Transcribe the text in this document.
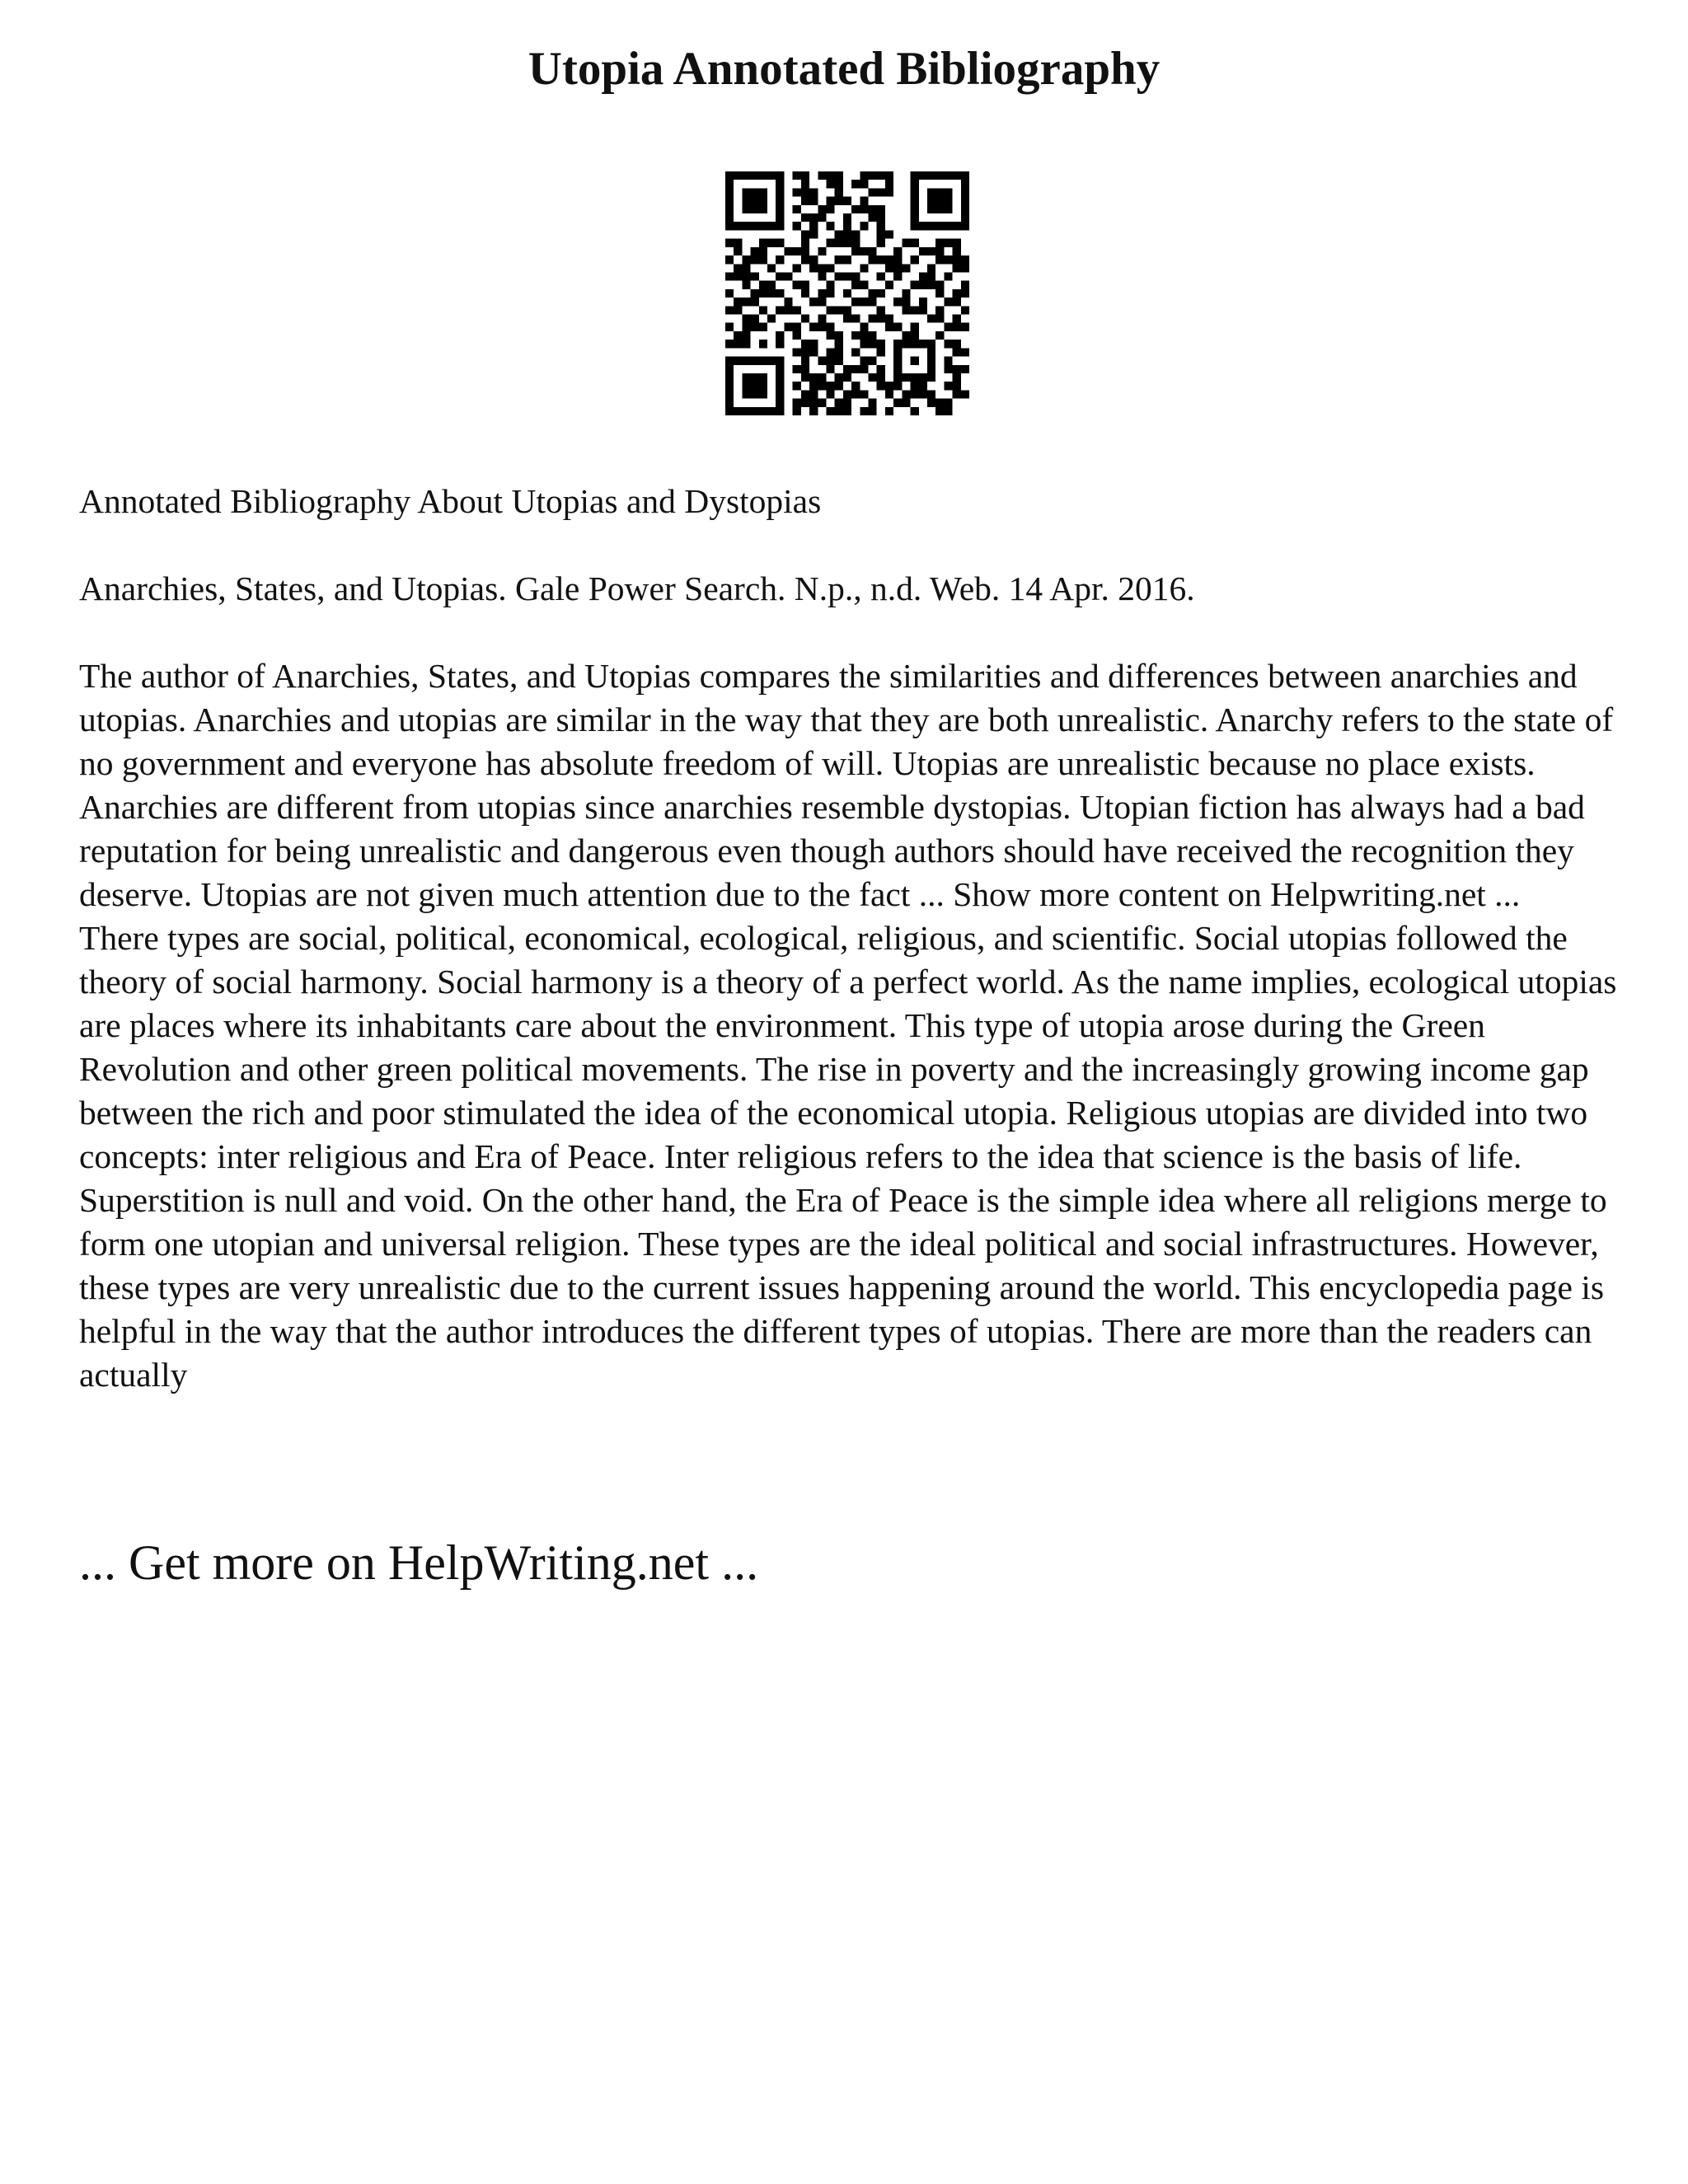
Utopia Annotated Bibliography

Annotated Bibliography About Utopias and Dystopias

Anarchies, States, and Utopias. Gale Power Search. N.p., n.d. Web. 14 Apr. 2016.

The author of Anarchies, States, and Utopias compares the similarities and differences between anarchies and utopias. Anarchies and utopias are similar in the way that they are both unrealistic. Anarchy refers to the state of no government and everyone has absolute freedom of will. Utopias are unrealistic because no place exists. Anarchies are different from utopias since anarchies resemble dystopias. Utopian fiction has always had a bad reputation for being unrealistic and dangerous even though authors should have received the recognition they deserve. Utopias are not given much attention due to the fact ... Show more content on Helpwriting.net ...

There types are social, political, economical, ecological, religious, and scientific. Social utopias followed the theory of social harmony. Social harmony is a theory of a perfect world. As the name implies, ecological utopias are places where its inhabitants care about the environment. This type of utopia arose during the Green Revolution and other green political movements. The rise in poverty and the increasingly growing income gap between the rich and poor stimulated the idea of the economical utopia. Religious utopias are divided into two concepts: inter religious and Era of Peace. Inter religious refers to the idea that science is the basis of life. Superstition is null and void. On the other hand, the Era of Peace is the simple idea where all religions merge to form one utopian and universal religion. These types are the ideal political and social infrastructures. However, these types are very unrealistic due to the current issues happening around the world. This encyclopedia page is helpful in the way that the author introduces the different types of utopias. There are more than the readers can actually

... Get more on HelpWriting.net ...
